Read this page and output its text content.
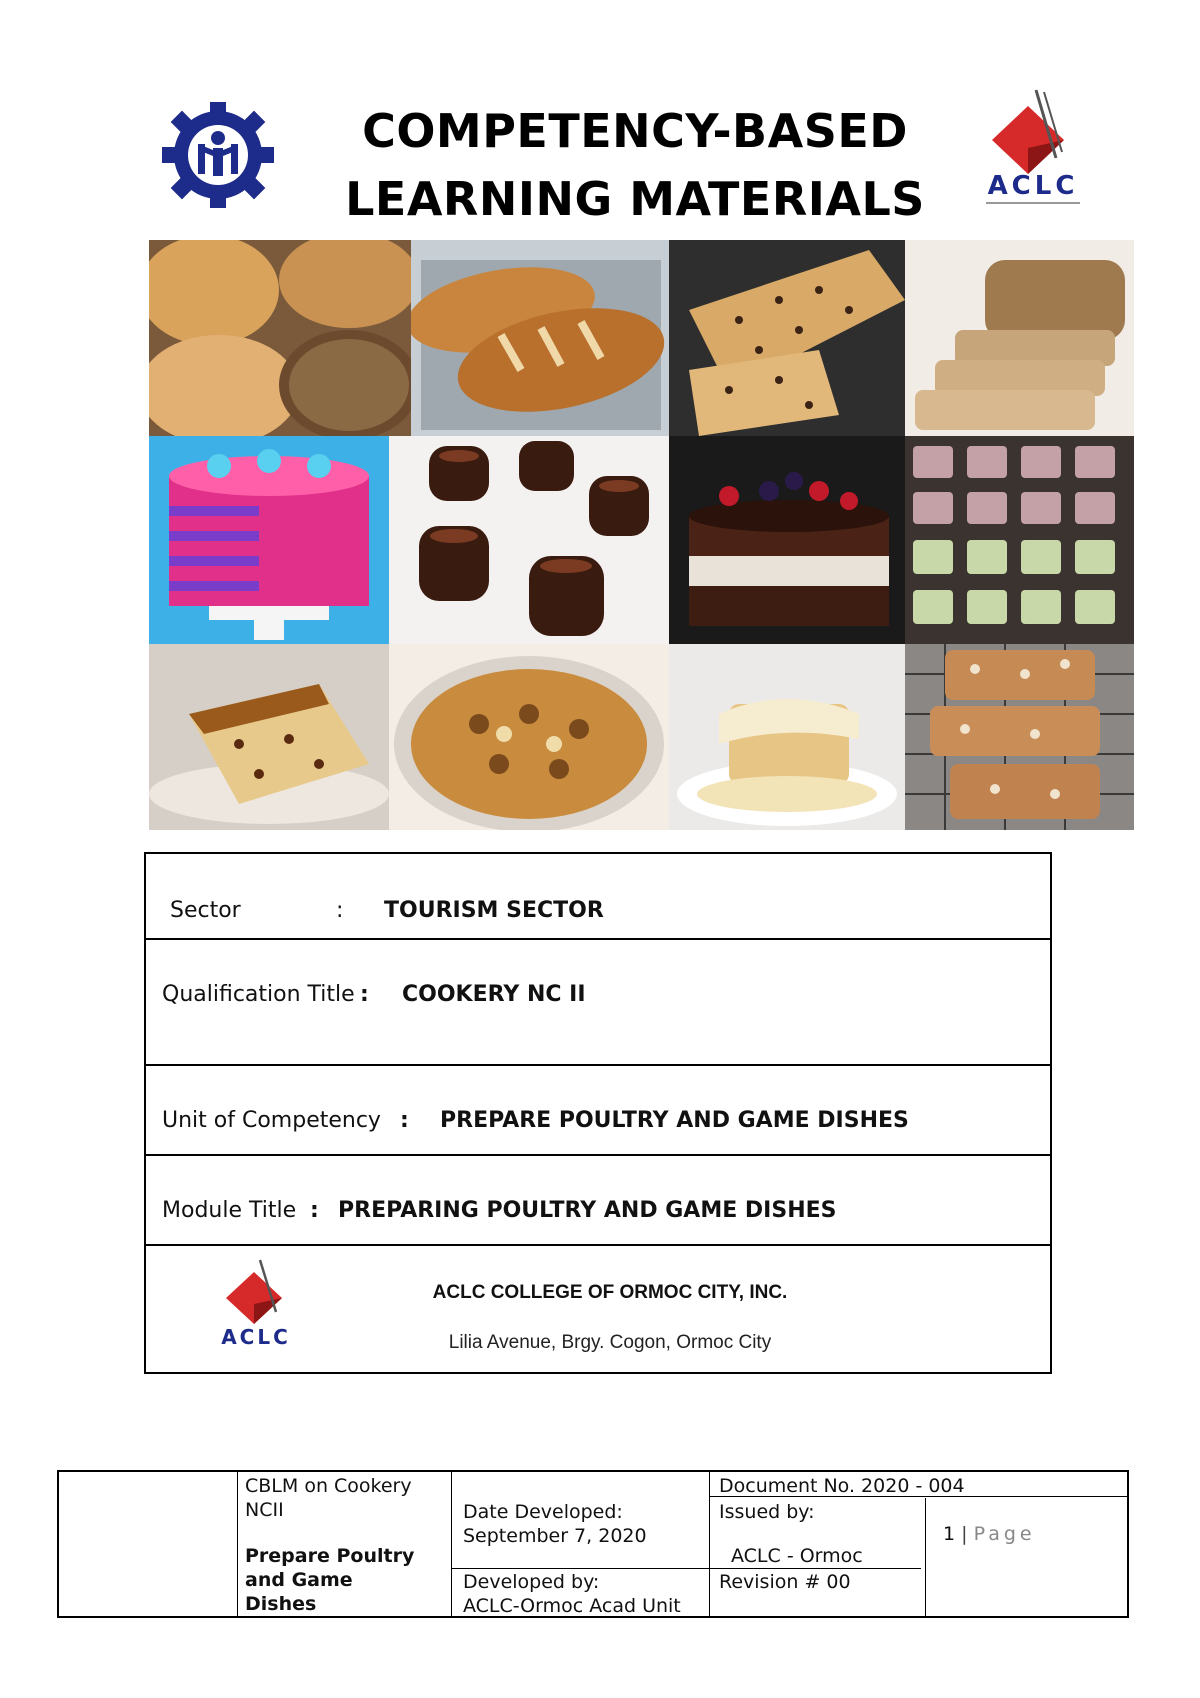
COMPETENCY-BASED
LEARNING MATERIALS	ACLC
Sector	: TOURISM SECTOR
Qualification Title : COOKERY NC II
Unit of Competency : PREPARE POULTRY AND GAME DISHES
Module Title : PREPARING POULTRY AND GAME DISHES
ACLC
ACLC COLLEGE OF ORMOC CITY, INC.
Lilia Avenue, Brgy. Cogon, Ormoc City
CBLM on Cookery
NCII
Prepare Poultry
and Game
Dishes
Date Developed:
September 7, 2020
Developed by:
ACLC-Ormoc Acad Unit
Document No. 2020 - 004
Issued by:
ACLC - Ormoc
Revision # 00
1 | Page
